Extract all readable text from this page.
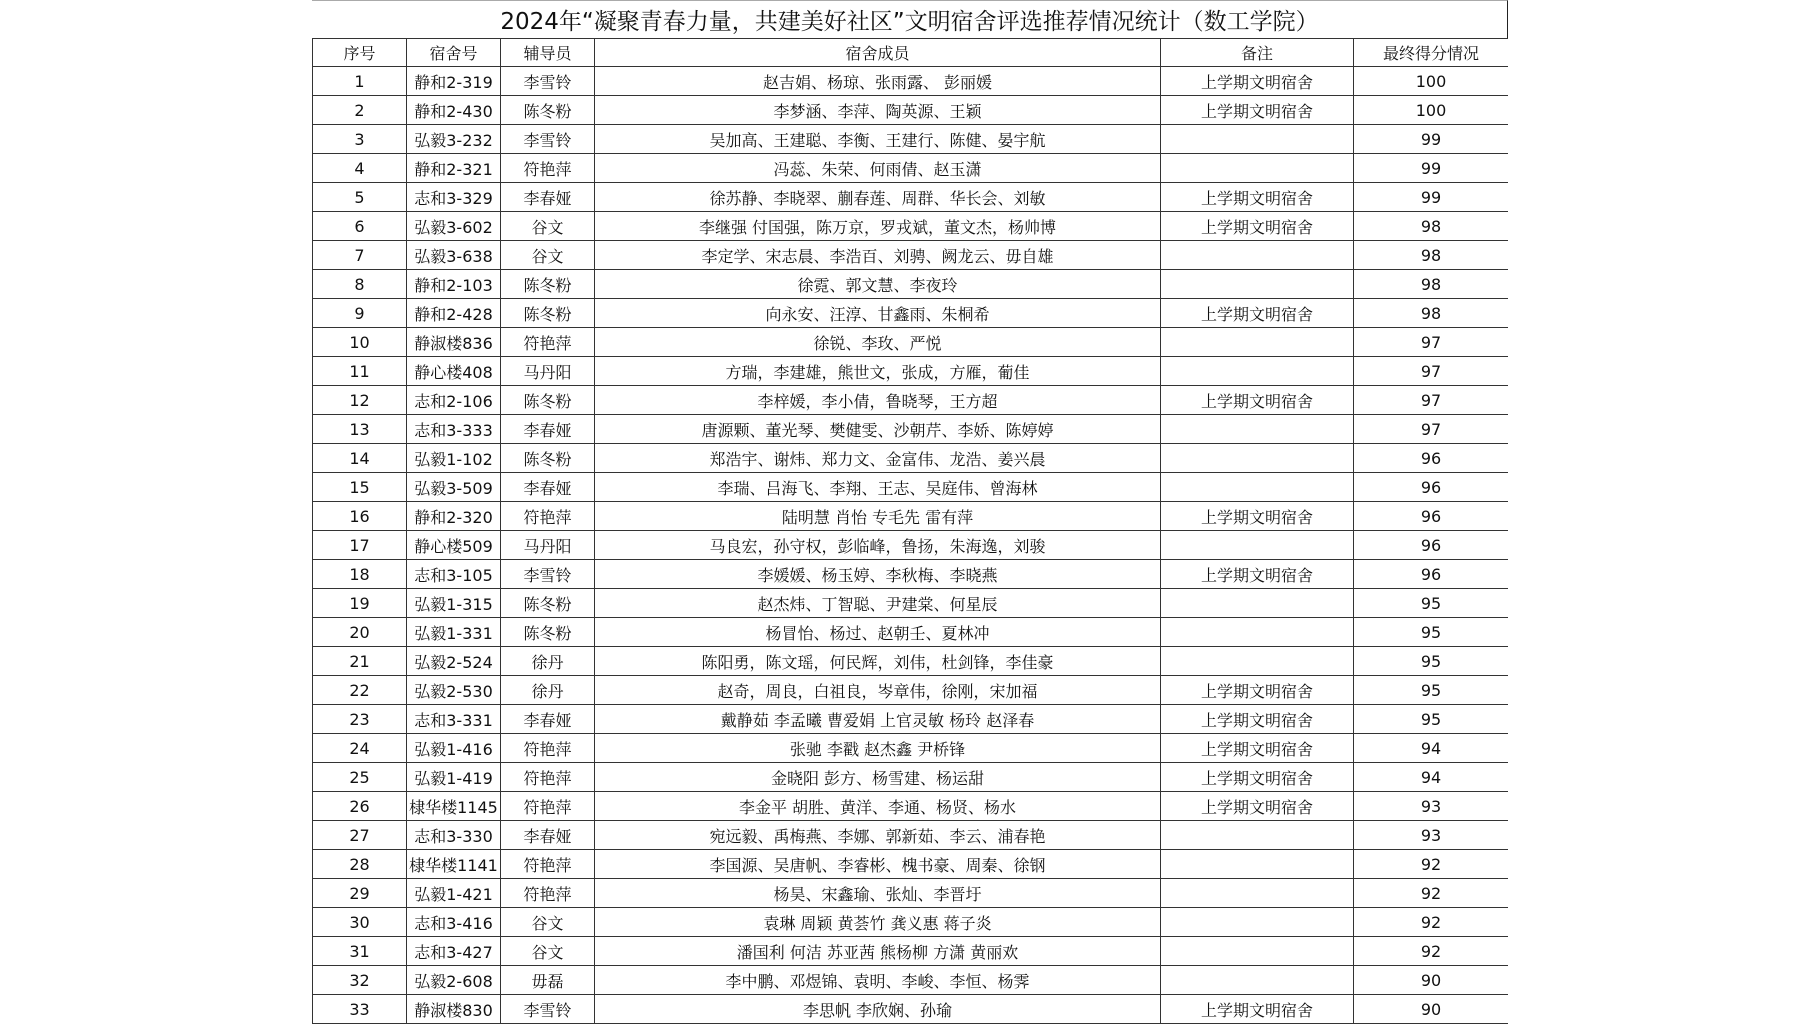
2024年“凝聚青春力量，共建美好社区”文明宿舍评选推荐情况统计（数工学院）
序号	宿舍号	辅导员	宿舍成员	备注	最终得分情况
1	静和2-319	李雪铃	赵吉娟、杨琼、张雨露、 彭丽媛	上学期文明宿舍	100
2	静和2-430	陈冬粉	李梦涵、李萍、陶英源、王颖	上学期文明宿舍	100
3	弘毅3-232	李雪铃	吴加高、王建聪、李衡、王建行、陈健、晏宇航		99
4	静和2-321	符艳萍	冯蕊、朱荣、何雨倩、赵玉潇		99
5	志和3-329	李春娅	徐苏静、李晓翠、蒯春莲、周群、华长会、刘敏	上学期文明宿舍	99
6	弘毅3-602	谷文	李继强 付国强，陈万京，罗戎斌，董文杰，杨帅博	上学期文明宿舍	98
7	弘毅3-638	谷文	李定学、宋志晨、李浩百、刘骋、阙龙云、毋自雄		98
8	静和2-103	陈冬粉	徐霓、郭文慧、李夜玲		98
9	静和2-428	陈冬粉	向永安、汪淳、甘鑫雨、朱桐希	上学期文明宿舍	98
10	静淑楼836	符艳萍	徐锐、李玫、严悦		97
11	静心楼408	马丹阳	方瑞，李建雄，熊世文，张成，方雁，葡佳		97
12	志和2-106	陈冬粉	李梓媛，李小倩，鲁晓琴，王方超	上学期文明宿舍	97
13	志和3-333	李春娅	唐源颗、董光琴、樊健雯、沙朝芹、李娇、陈婷婷		97
14	弘毅1-102	陈冬粉	郑浩宇、谢炜、郑力文、金富伟、龙浩、姜兴晨		96
15	弘毅3-509	李春娅	李瑞、吕海飞、李翔、王志、吴庭伟、曾海林		96
16	静和2-320	符艳萍	陆明慧 肖怡 专毛先 雷有萍	上学期文明宿舍	96
17	静心楼509	马丹阳	马良宏，孙守权，彭临峰，鲁扬，朱海逸，刘骏		96
18	志和3-105	李雪铃	李媛媛、杨玉婷、李秋梅、李晓燕	上学期文明宿舍	96
19	弘毅1-315	陈冬粉	赵杰炜、丁智聪、尹建棠、何星辰		95
20	弘毅1-331	陈冬粉	杨冒怡、杨过、赵朝壬、夏林冲		95
21	弘毅2-524	徐丹	陈阳勇，陈文瑶，何民辉，刘伟，杜剑锋，李佳豪		95
22	弘毅2-530	徐丹	赵奇，周良，白祖良，岑章伟，徐刚，宋加福	上学期文明宿舍	95
23	志和3-331	李春娅	戴静茹 李孟曦 曹爱娟 上官灵敏 杨玲 赵泽春	上学期文明宿舍	95
24	弘毅1-416	符艳萍	张驰 李戳 赵杰鑫 尹桥锋	上学期文明宿舍	94
25	弘毅1-419	符艳萍	金晓阳 彭方、杨雪建、杨运甜	上学期文明宿舍	94
26	棣华楼1145	符艳萍	李金平 胡胜、黄洋、李通、杨贤、杨水	上学期文明宿舍	93
27	志和3-330	李春娅	宛远毅、禹梅燕、李娜、郭新茹、李云、浦春艳		93
28	棣华楼1141	符艳萍	李国源、吴唐帆、李睿彬、槐书豪、周秦、徐钢		92
29	弘毅1-421	符艳萍	杨昊、宋鑫瑜、张灿、李晋圩		92
30	志和3-416	谷文	袁琳 周颖 黄荟竹 龚义惠 蒋子炎		92
31	志和3-427	谷文	潘国利 何洁 苏亚茜 熊杨柳 方潇 黄丽欢		92
32	弘毅2-608	毋磊	李中鹏、邓煜锦、袁明、李峻、李恒、杨霁		90
33	静淑楼830	李雪铃	李思帆 李欣娴、孙瑜	上学期文明宿舍	90
